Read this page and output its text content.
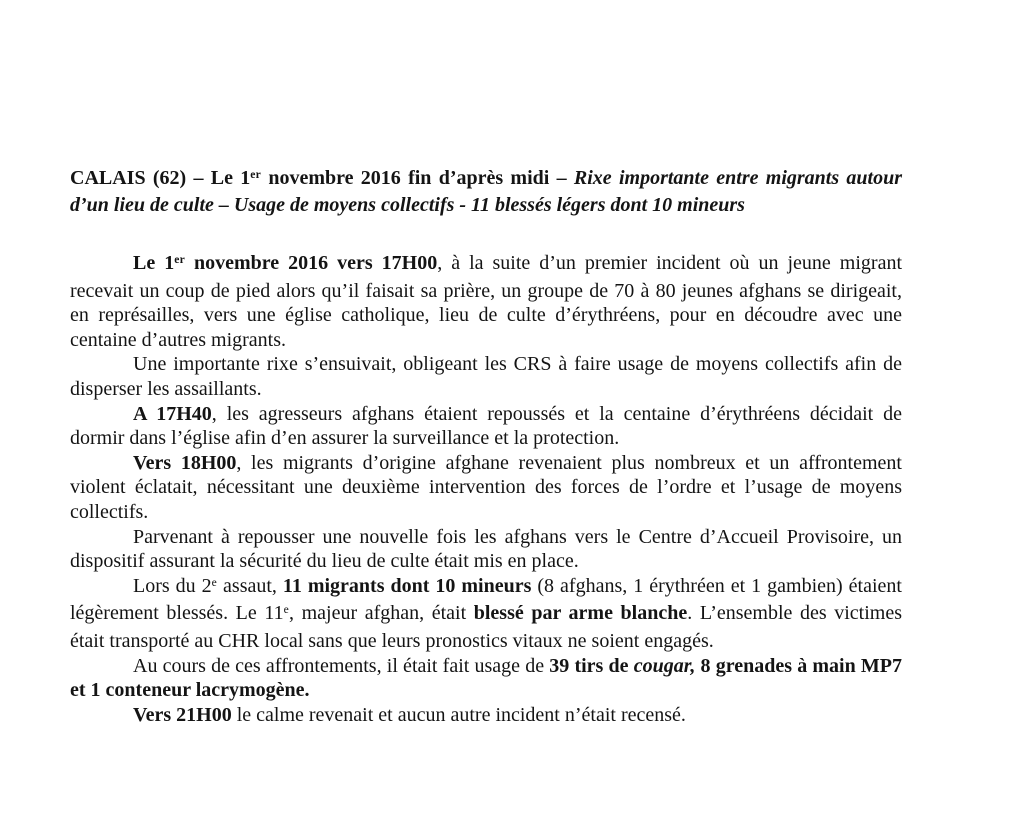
CALAIS (62) – Le 1er novembre 2016 fin d’après midi – Rixe importante entre migrants autour d’un lieu de culte – Usage de moyens collectifs - 11 blessés légers dont 10 mineurs

Le 1er novembre 2016 vers 17H00, à la suite d’un premier incident où un jeune migrant recevait un coup de pied alors qu’il faisait sa prière, un groupe de 70 à 80 jeunes afghans se dirigeait, en représailles, vers une église catholique, lieu de culte d’érythréens, pour en découdre avec une centaine d’autres migrants.

Une importante rixe s’ensuivait, obligeant les CRS à faire usage de moyens collectifs afin de disperser les assaillants.

A 17H40, les agresseurs afghans étaient repoussés et la centaine d’érythréens décidait de dormir dans l’église afin d’en assurer la surveillance et la protection.

Vers 18H00, les migrants d’origine afghane revenaient plus nombreux et un affrontement violent éclatait, nécessitant une deuxième intervention des forces de l’ordre et l’usage de moyens collectifs.

Parvenant à repousser une nouvelle fois les afghans vers le Centre d’Accueil Provisoire, un dispositif assurant la sécurité du lieu de culte était mis en place.

Lors du 2e assaut, 11 migrants dont 10 mineurs (8 afghans, 1 érythréen et 1 gambien) étaient légèrement blessés. Le 11e, majeur afghan, était blessé par arme blanche. L’ensemble des victimes était transporté au CHR local sans que leurs pronostics vitaux ne soient engagés.

Au cours de ces affrontements, il était fait usage de 39 tirs de cougar, 8 grenades à main MP7 et 1 conteneur lacrymogène.

Vers 21H00 le calme revenait et aucun autre incident n’était recensé.
